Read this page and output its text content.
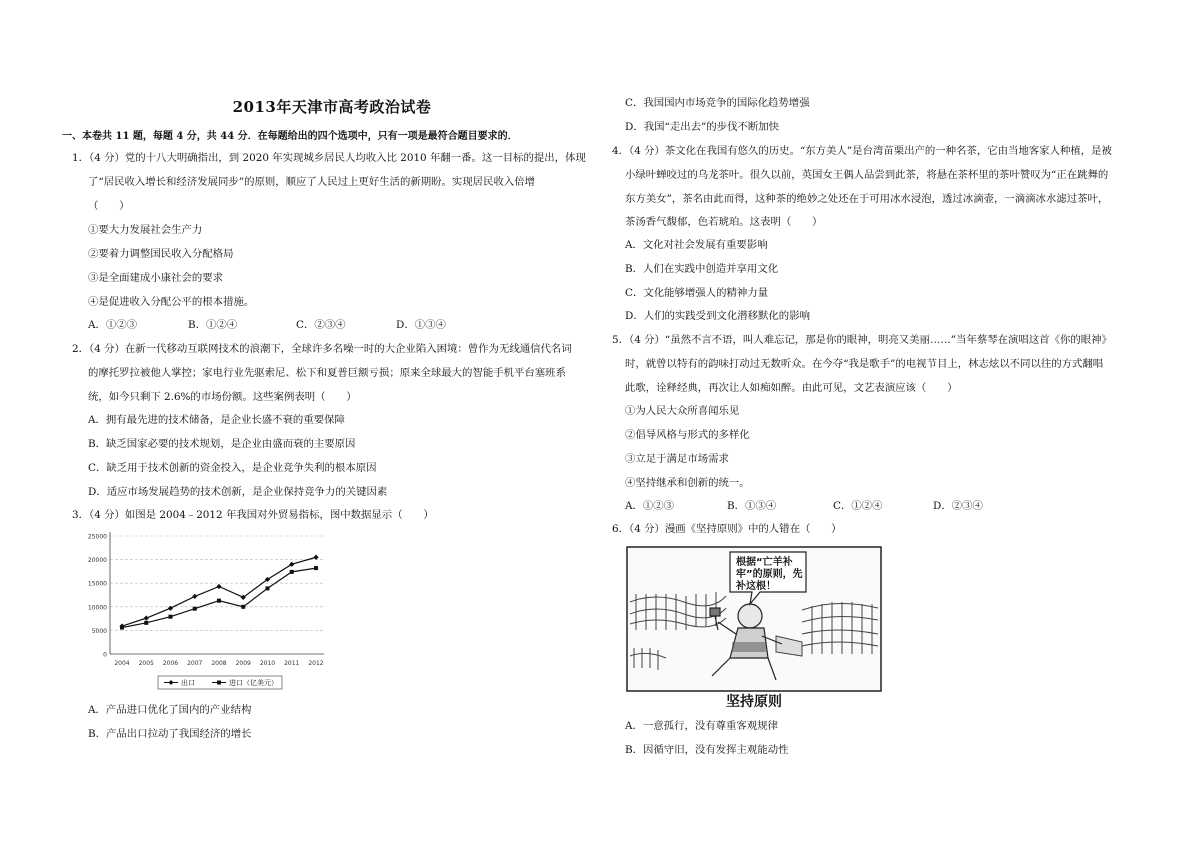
2013年天津市高考政治试卷
一、本卷共 11 题，每题 4 分，共 44 分．在每题给出的四个选项中，只有一项是最符合题目要求的．
1．（4 分）党的十八大明确指出，到 2020 年实现城乡居民人均收入比 2010 年翻一番。这一目标的提出，体现
了“居民收入增长和经济发展同步”的原则，顺应了人民过上更好生活的新期盼。实现居民收入倍增
（　　）
①要大力发展社会生产力
②要着力调整国民收入分配格局
③是全面建成小康社会的要求
④是促进收入分配公平的根本措施。
A．①②③	B．①②④	C．②③④	D．①③④
2．（4 分）在新一代移动互联网技术的浪潮下，全球许多名噪一时的大企业陷入困境：曾作为无线通信代名词
的摩托罗拉被他人掌控；家电行业先驱索尼、松下和夏普巨额亏损；原来全球最大的智能手机平台塞班系
统，如今只剩下 2.6%的市场份额。这些案例表明（　　）
A．拥有最先进的技术储备，是企业长盛不衰的重要保障
B．缺乏国家必要的技术规划，是企业由盛而衰的主要原因
C．缺乏用于技术创新的资金投入，是企业竞争失利的根本原因
D．适应市场发展趋势的技术创新，是企业保持竞争力的关键因素
3．（4 分）如图是 2004﹣2012 年我国对外贸易指标，图中数据显示（　　）
0
5000
10000
15000
20000
25000
2004 2005 2006 2007 2008 2009 2010 2011 2012
出口	进口（亿美元）
A．产品进口优化了国内的产业结构
B．产品出口拉动了我国经济的增长
C．我国国内市场竞争的国际化趋势增强
D．我国“走出去”的步伐不断加快
4．（4 分）茶文化在我国有悠久的历史。“东方美人”是台湾苗栗出产的一种名茶，它由当地客家人种植，是被
小绿叶蝉咬过的乌龙茶叶。很久以前，英国女王偶人品尝到此茶，将悬在茶杯里的茶叶赞叹为“正在跳舞的
东方美女”，茶名由此而得，这种茶的绝妙之处还在于可用冰水浸泡，透过冰滴壶，一滴滴冰水滤过茶叶，
茶汤香气馥郁，色若琥珀。这表明（　　）
A．文化对社会发展有重要影响
B．人们在实践中创造并享用文化
C．文化能够增强人的精神力量
D．人们的实践受到文化潜移默化的影响
5．（4 分）“虽然不言不语，叫人难忘记，那是你的眼神，明亮又美丽……”当年蔡琴在演唱这首《你的眼神》
时，就曾以特有的韵味打动过无数听众。在今夺“我是歌手”的电视节目上，林志炫以不同以往的方式翻唱
此歌，诠释经典，再次让人如痴如醉。由此可见，文艺表演应该（　　）
①为人民大众所喜闻乐见
②倡导风格与形式的多样化
③立足于满足市场需求
④坚持继承和创新的统一。
A．①②③	B．①③④	C．①②④	D．②③④
6．（4 分）漫画《坚持原则》中的人错在（　　）
根据“亡羊补
牢”的原则，先
补这根！
坚持原则
A．一意孤行，没有尊重客观规律
B．因循守旧，没有发挥主观能动性
